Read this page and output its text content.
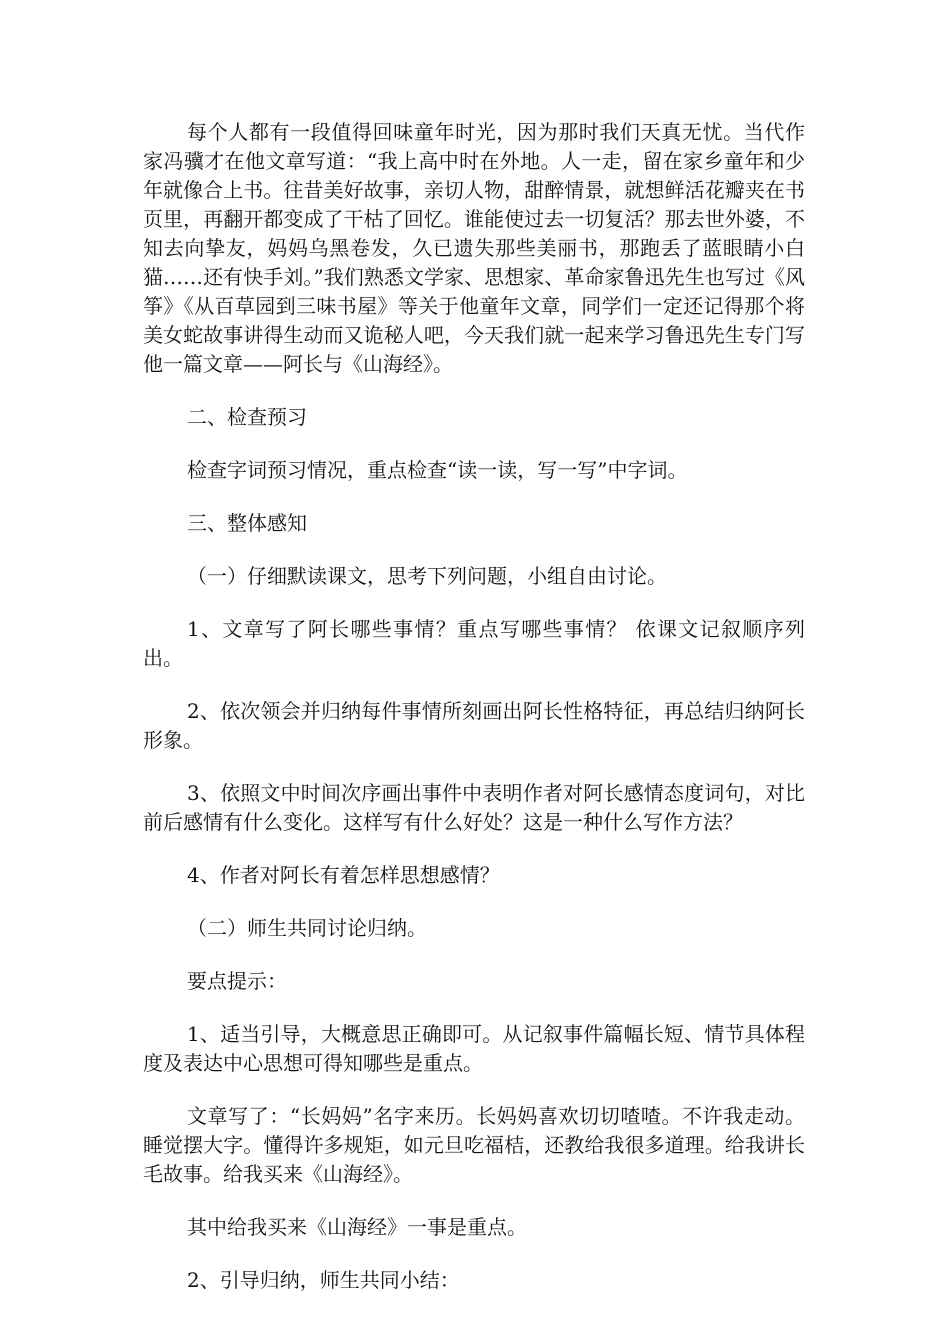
每个人都有一段值得回味童年时光，因为那时我们天真无忧。当代作家冯骥才在他文章写道：“我上高中时在外地。人一走，留在家乡童年和少年就像合上书。往昔美好故事，亲切人物，甜醉情景，就想鲜活花瓣夹在书页里，再翻开都变成了干枯了回忆。谁能使过去一切复活？那去世外婆，不知去向挚友，妈妈乌黑卷发，久已遗失那些美丽书，那跑丢了蓝眼睛小白猫……还有快手刘。”我们熟悉文学家、思想家、革命家鲁迅先生也写过《风筝》《从百草园到三味书屋》等关于他童年文章，同学们一定还记得那个将美女蛇故事讲得生动而又诡秘人吧，今天我们就一起来学习鲁迅先生专门写他一篇文章——阿长与《山海经》。

二、检查预习

检查字词预习情况，重点检查“读一读，写一写”中字词。

三、整体感知

（一）仔细默读课文，思考下列问题，小组自由讨论。

1、文章写了阿长哪些事情？重点写哪些事情？ 依课文记叙顺序列出。

2、依次领会并归纳每件事情所刻画出阿长性格特征，再总结归纳阿长形象。

3、依照文中时间次序画出事件中表明作者对阿长感情态度词句，对比前后感情有什么变化。这样写有什么好处？这是一种什么写作方法？

4、作者对阿长有着怎样思想感情？

（二）师生共同讨论归纳。

要点提示：

1、适当引导，大概意思正确即可。从记叙事件篇幅长短、情节具体程度及表达中心思想可得知哪些是重点。

文章写了：“长妈妈”名字来历。长妈妈喜欢切切喳喳。不许我走动。睡觉摆大字。懂得许多规矩，如元旦吃福桔，还教给我很多道理。给我讲长毛故事。给我买来《山海经》。

其中给我买来《山海经》一事是重点。

2、引导归纳，师生共同小结：
